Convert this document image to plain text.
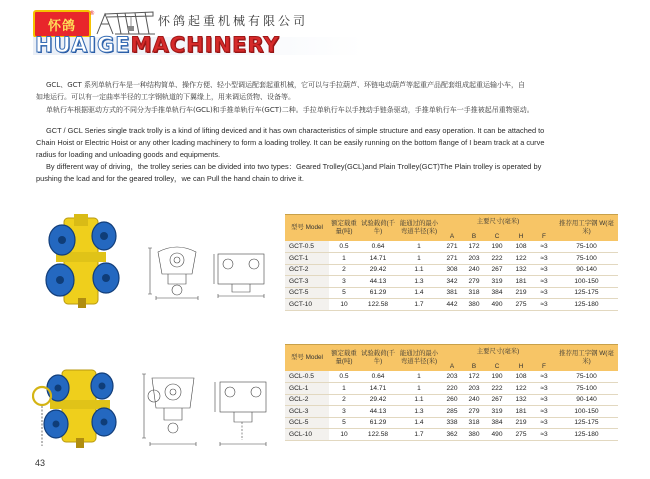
怀鸽
®
怀鸽起重机械有限公司
HUAIGEMACHINERY
GCL、GCT 系列单轨行车是一种结构简单、操作方便、轻小型调运配套起重机械，它可以与手拉葫芦、环链电动葫芦等起重产品配套组成起重运输小车，自
如地运行。可以有一定曲率半径的工字钢轨道的下翼缘上，用来调运货物、设备等。
单轨行车根据驱动方式的不同分为手推单轨行车(GCL)和手推单轨行车(GCT)二种。手拉单轨行车以手拽动手链条驱动，手推单轨行车一手推被起吊重物驱动。
GCT / GCL Series single track trolly is a kind of lifting deviced and it has own characteristics of simple structure and easy operation. It can be attached to
Chain Hoist or Electric Hoist or any other lcading machinery to form a loading trolley. It can be easily running on the bottom flange of I beam track at a curve
radius for loading and unloading goods and equipments.
By different way of driving，the trolley series can be divided into two types：Geared Trolley(GCL)and Plain Trolley(GCT)The Plain trolley is operated by
pushing the lcad and for the geared trolley，we can Pull the hand chain to drive it.
型号 Model	额定载重量(吨)	试验载荷(千牛)	能通过的最小弯道半径(米)	主要尺寸(毫米)					推荐用工字钢 W(毫米)
				A	B	C	H	F	
GCT-0.5	0.5	0.64	1	271	172	190	108	≈3	75-100
GCT-1	1	14.71	1	271	203	222	122	≈3	75-100
GCT-2	2	29.42	1.1	308	240	267	132	≈3	90-140
GCT-3	3	44.13	1.3	342	279	319	181	≈3	100-150
GCT-5	5	61.29	1.4	381	318	384	219	≈3	125-175
GCT-10	10	122.58	1.7	442	380	490	275	≈3	125-180
型号 Model	额定载重量(吨)	试验载荷(千牛)	能通过的最小弯道半径(米)	主要尺寸(毫米)					推荐用工字钢 W(毫米)
				A	B	C	H	F	
GCL-0.5	0.5	0.64	1	203	172	190	108	≈3	75-100
GCL-1	1	14.71	1	220	203	222	122	≈3	75-100
GCL-2	2	29.42	1.1	260	240	267	132	≈3	90-140
GCL-3	3	44.13	1.3	285	279	319	181	≈3	100-150
GCL-5	5	61.29	1.4	338	318	384	219	≈3	125-175
GCL-10	10	122.58	1.7	362	380	490	275	≈3	125-180
43
